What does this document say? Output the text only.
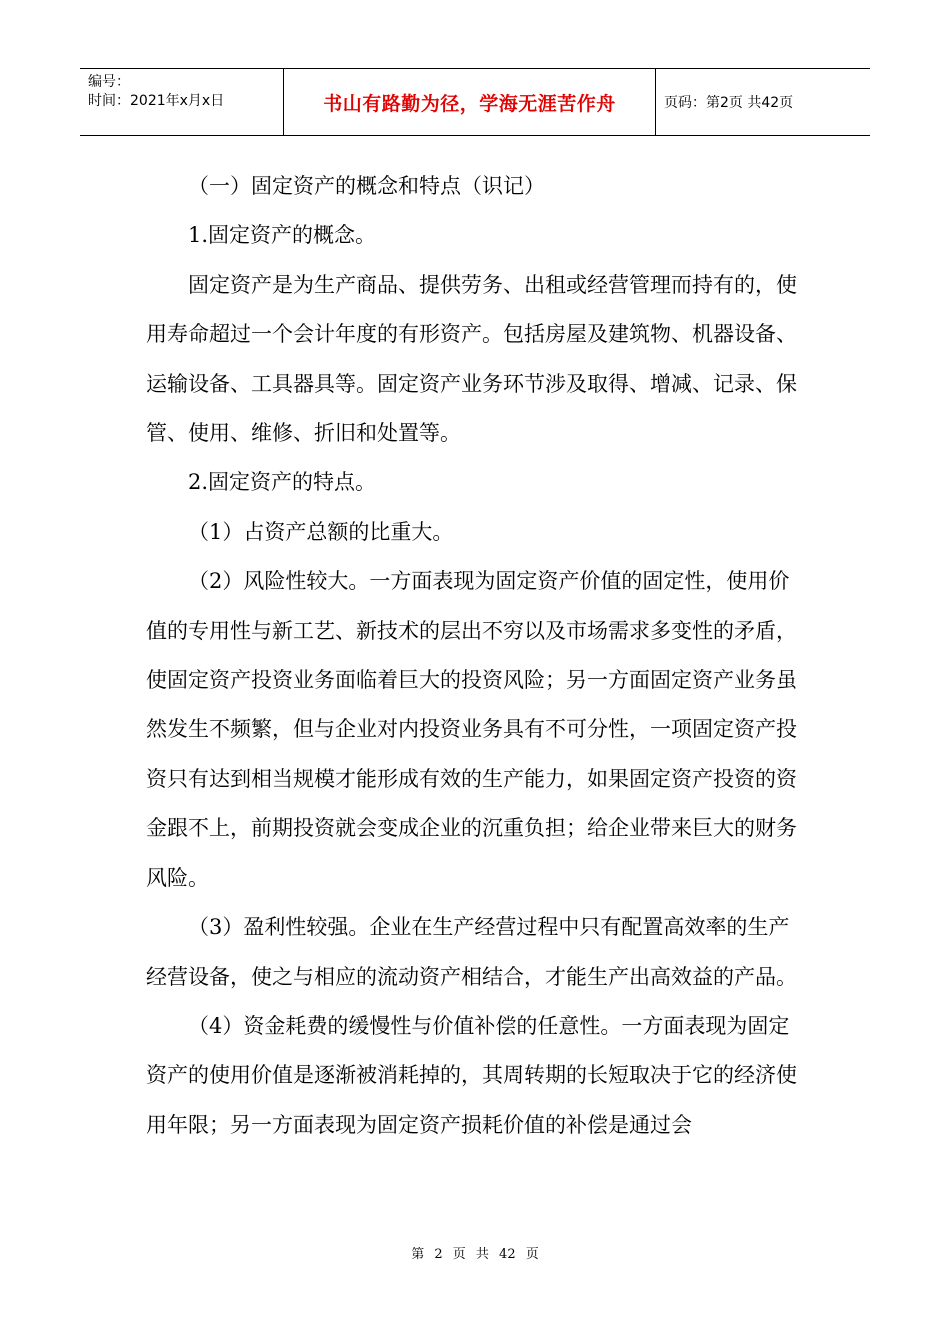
编号：
时间：2021年x月x日	书山有路勤为径，学海无涯苦作舟	页码：第2页 共42页

（一）固定资产的概念和特点（识记）

1.固定资产的概念。

固定资产是为生产商品、提供劳务、出租或经营管理而持有的，使用寿命超过一个会计年度的有形资产。包括房屋及建筑物、机器设备、运输设备、工具器具等。固定资产业务环节涉及取得、增减、记录、保管、使用、维修、折旧和处置等。

2.固定资产的特点。

（1）占资产总额的比重大。

（2）风险性较大。一方面表现为固定资产价值的固定性，使用价值的专用性与新工艺、新技术的层出不穷以及市场需求多变性的矛盾，使固定资产投资业务面临着巨大的投资风险；另一方面固定资产业务虽然发生不频繁，但与企业对内投资业务具有不可分性，一项固定资产投资只有达到相当规模才能形成有效的生产能力，如果固定资产投资的资金跟不上，前期投资就会变成企业的沉重负担；给企业带来巨大的财务风险。

（3）盈利性较强。企业在生产经营过程中只有配置高效率的生产经营设备，使之与相应的流动资产相结合，才能生产出高效益的产品。

（4）资金耗费的缓慢性与价值补偿的任意性。一方面表现为固定资产的使用价值是逐渐被消耗掉的，其周转期的长短取决于它的经济使用年限；另一方面表现为固定资产损耗价值的补偿是通过会

第 2 页 共 42 页
